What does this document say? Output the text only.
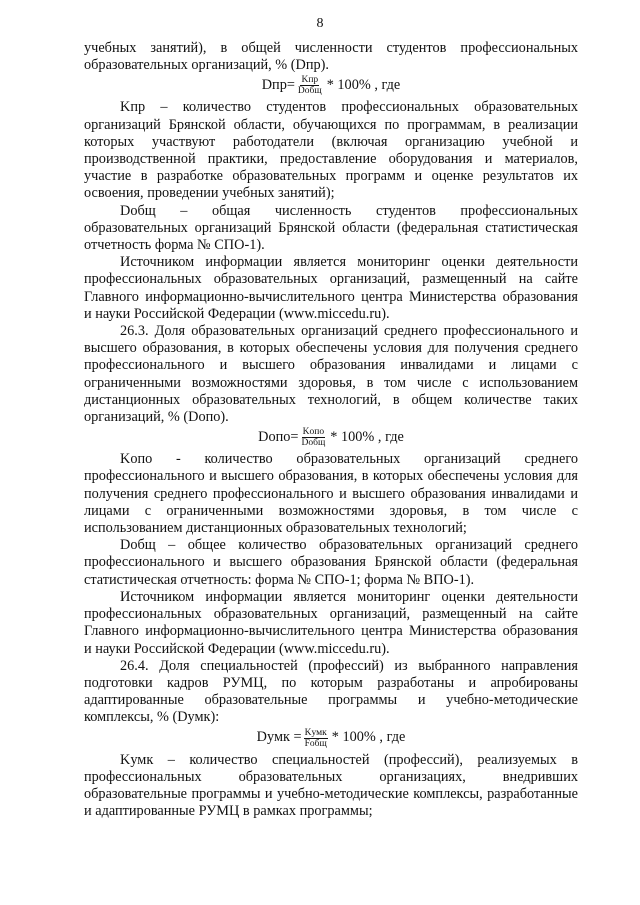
8

учебных занятий), в общей численности студентов профессиональных образовательных организаций, % (Dпр).

$Dпр= \frac{\text{Kпр}}{\text{Dобщ}} * 100\%$ , где

Kпр – количество студентов профессиональных образовательных организаций Брянской области, обучающихся по программам, в реализации которых участвуют работодатели (включая организацию учебной и производственной практики, предоставление оборудования и материалов, участие в разработке образовательных программ и оценке результатов их освоения, проведении учебных занятий);

Dобщ – общая численность студентов профессиональных образовательных организаций Брянской области (федеральная статистическая отчетность форма № СПО-1).

Источником информации является мониторинг оценки деятельности профессиональных образовательных организаций, размещенный на сайте Главного информационно-вычислительного центра Министерства образования и науки Российской Федерации (www.miccedu.ru).

26.3. Доля образовательных организаций среднего профессионального и высшего образования, в которых обеспечены условия для получения среднего профессионального и высшего образования инвалидами и лицами с ограниченными возможностями здоровья, в том числе с использованием дистанционных образовательных технологий, в общем количестве таких организаций, % (Dопо).

Dопо= $\frac{\text{Kопо}}{\text{Dобщ}} * 100\%$ , где

Kопо - количество образовательных организаций среднего профессионального и высшего образования, в которых обеспечены условия для получения среднего профессионального и высшего образования инвалидами и лицами с ограниченными возможностями здоровья, в том числе с использованием дистанционных образовательных технологий;

Dобщ – общее количество образовательных организаций среднего профессионального и высшего образования Брянской области (федеральная статистическая отчетность: форма № СПО-1; форма № ВПО-1).

Источником информации является мониторинг оценки деятельности профессиональных образовательных организаций, размещенный на сайте Главного информационно-вычислительного центра Министерства образования и науки Российской Федерации (www.miccedu.ru).

26.4. Доля специальностей (профессий) из выбранного направления подготовки кадров РУМЦ, по которым разработаны и апробированы адаптированные образовательные программы и учебно-методические комплексы, % (Dумк):

Dумк = $\frac{\text{Kумк}}{\text{Fобщ}} * 100\%$ , где

Kумк – количество специальностей (профессий), реализуемых в профессиональных образовательных организациях, внедривших образовательные программы и учебно-методические комплексы, разработанные и адаптированные РУМЦ в рамках программы;
